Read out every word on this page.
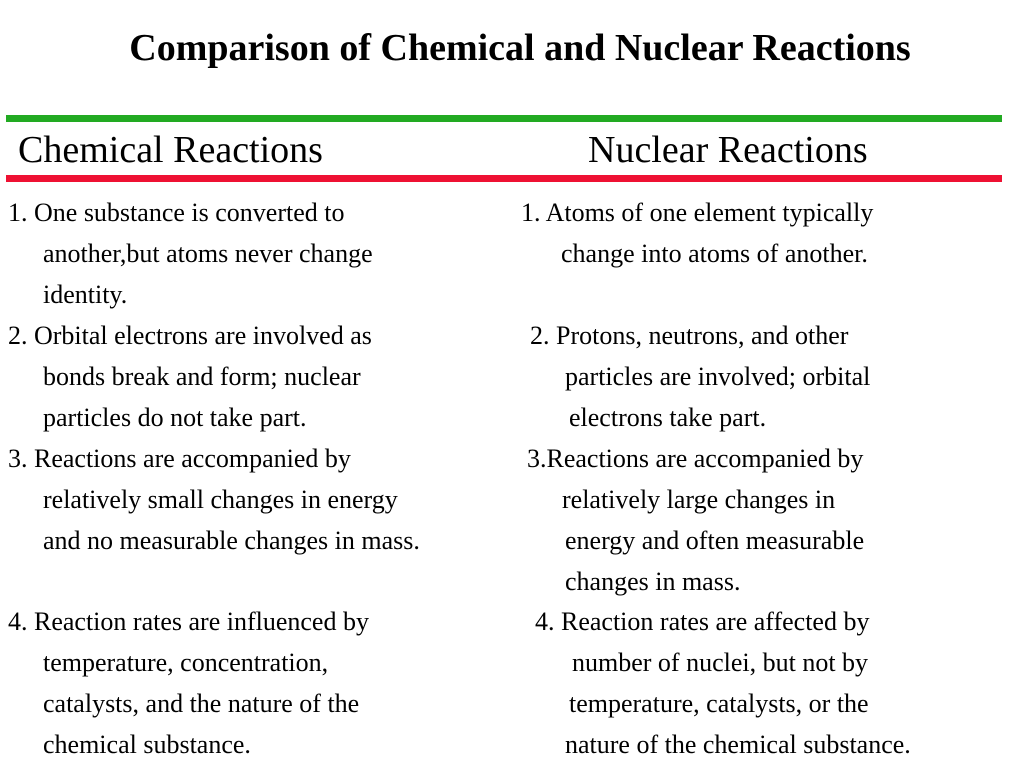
Comparison of Chemical and Nuclear Reactions
Chemical Reactions	Nuclear Reactions
1. One substance is converted to
another,but atoms never change
identity.
2. Orbital electrons are involved as
bonds break and form; nuclear
particles do not take part.
3. Reactions are accompanied by
relatively small changes in energy
and no measurable changes in mass.
4. Reaction rates are influenced by
temperature, concentration,
catalysts, and the nature of the
chemical substance.
1. Atoms of one element typically
change into atoms of another.
2. Protons, neutrons, and other
particles are involved; orbital
electrons take part.
3.Reactions are accompanied by
relatively large changes in
energy and often measurable
changes in mass.
4. Reaction rates are affected by
number of nuclei, but not by
temperature, catalysts, or the
nature of the chemical substance.
